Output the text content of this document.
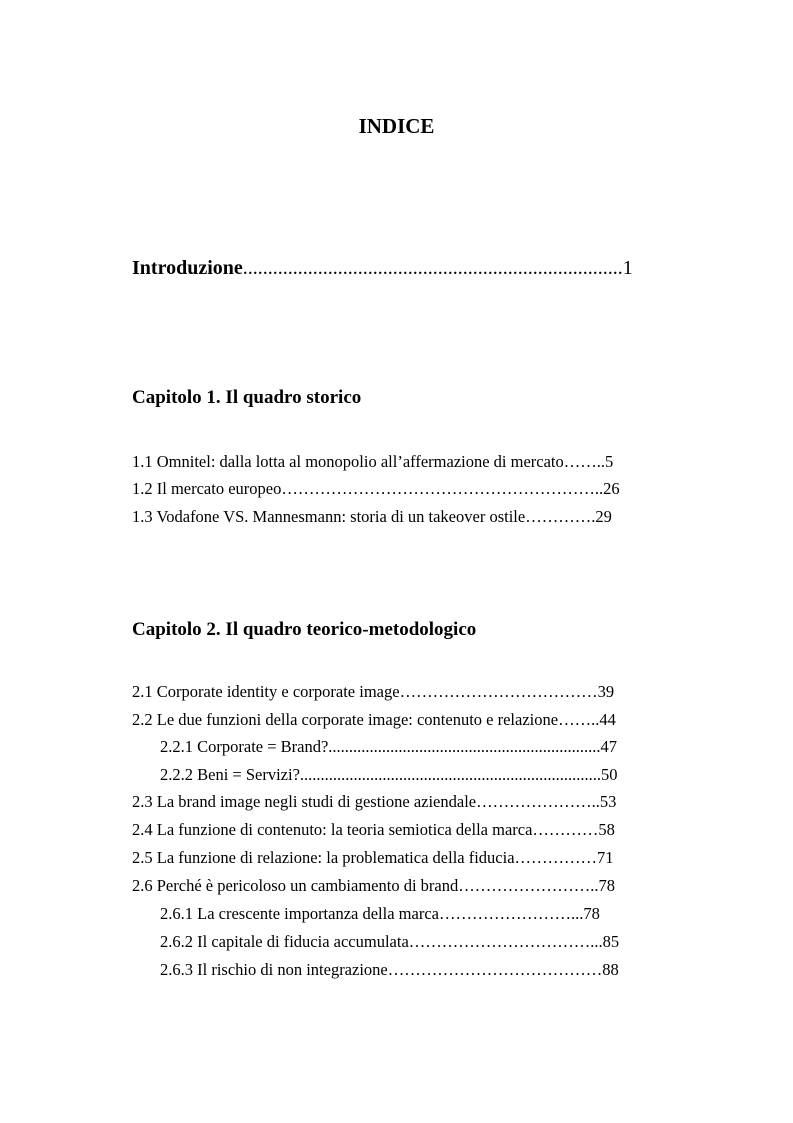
INDICE
Introduzione............................................................................1
Capitolo 1. Il quadro storico
1.1 Omnitel: dalla lotta al monopolio all’affermazione di mercato……..5
1.2 Il mercato europeo…………………………………………………..26
1.3 Vodafone VS. Mannesmann: storia di un takeover ostile………….29
Capitolo 2. Il quadro teorico-metodologico
2.1 Corporate identity e corporate image………………………………39
2.2 Le due funzioni della corporate image: contenuto e relazione……..44
2.2.1 Corporate = Brand?..................................................................47
2.2.2 Beni = Servizi?.........................................................................50
2.3 La brand image negli studi di gestione aziendale…………………..53
2.4 La funzione di contenuto: la teoria semiotica della marca…………58
2.5 La funzione di relazione: la problematica della fiducia……………71
2.6 Perché è pericoloso un cambiamento di brand……………………..78
2.6.1 La crescente importanza della marca……………………...78
2.6.2 Il capitale di fiducia accumulata……………………………...85
2.6.3 Il rischio di non integrazione…………………………………88
